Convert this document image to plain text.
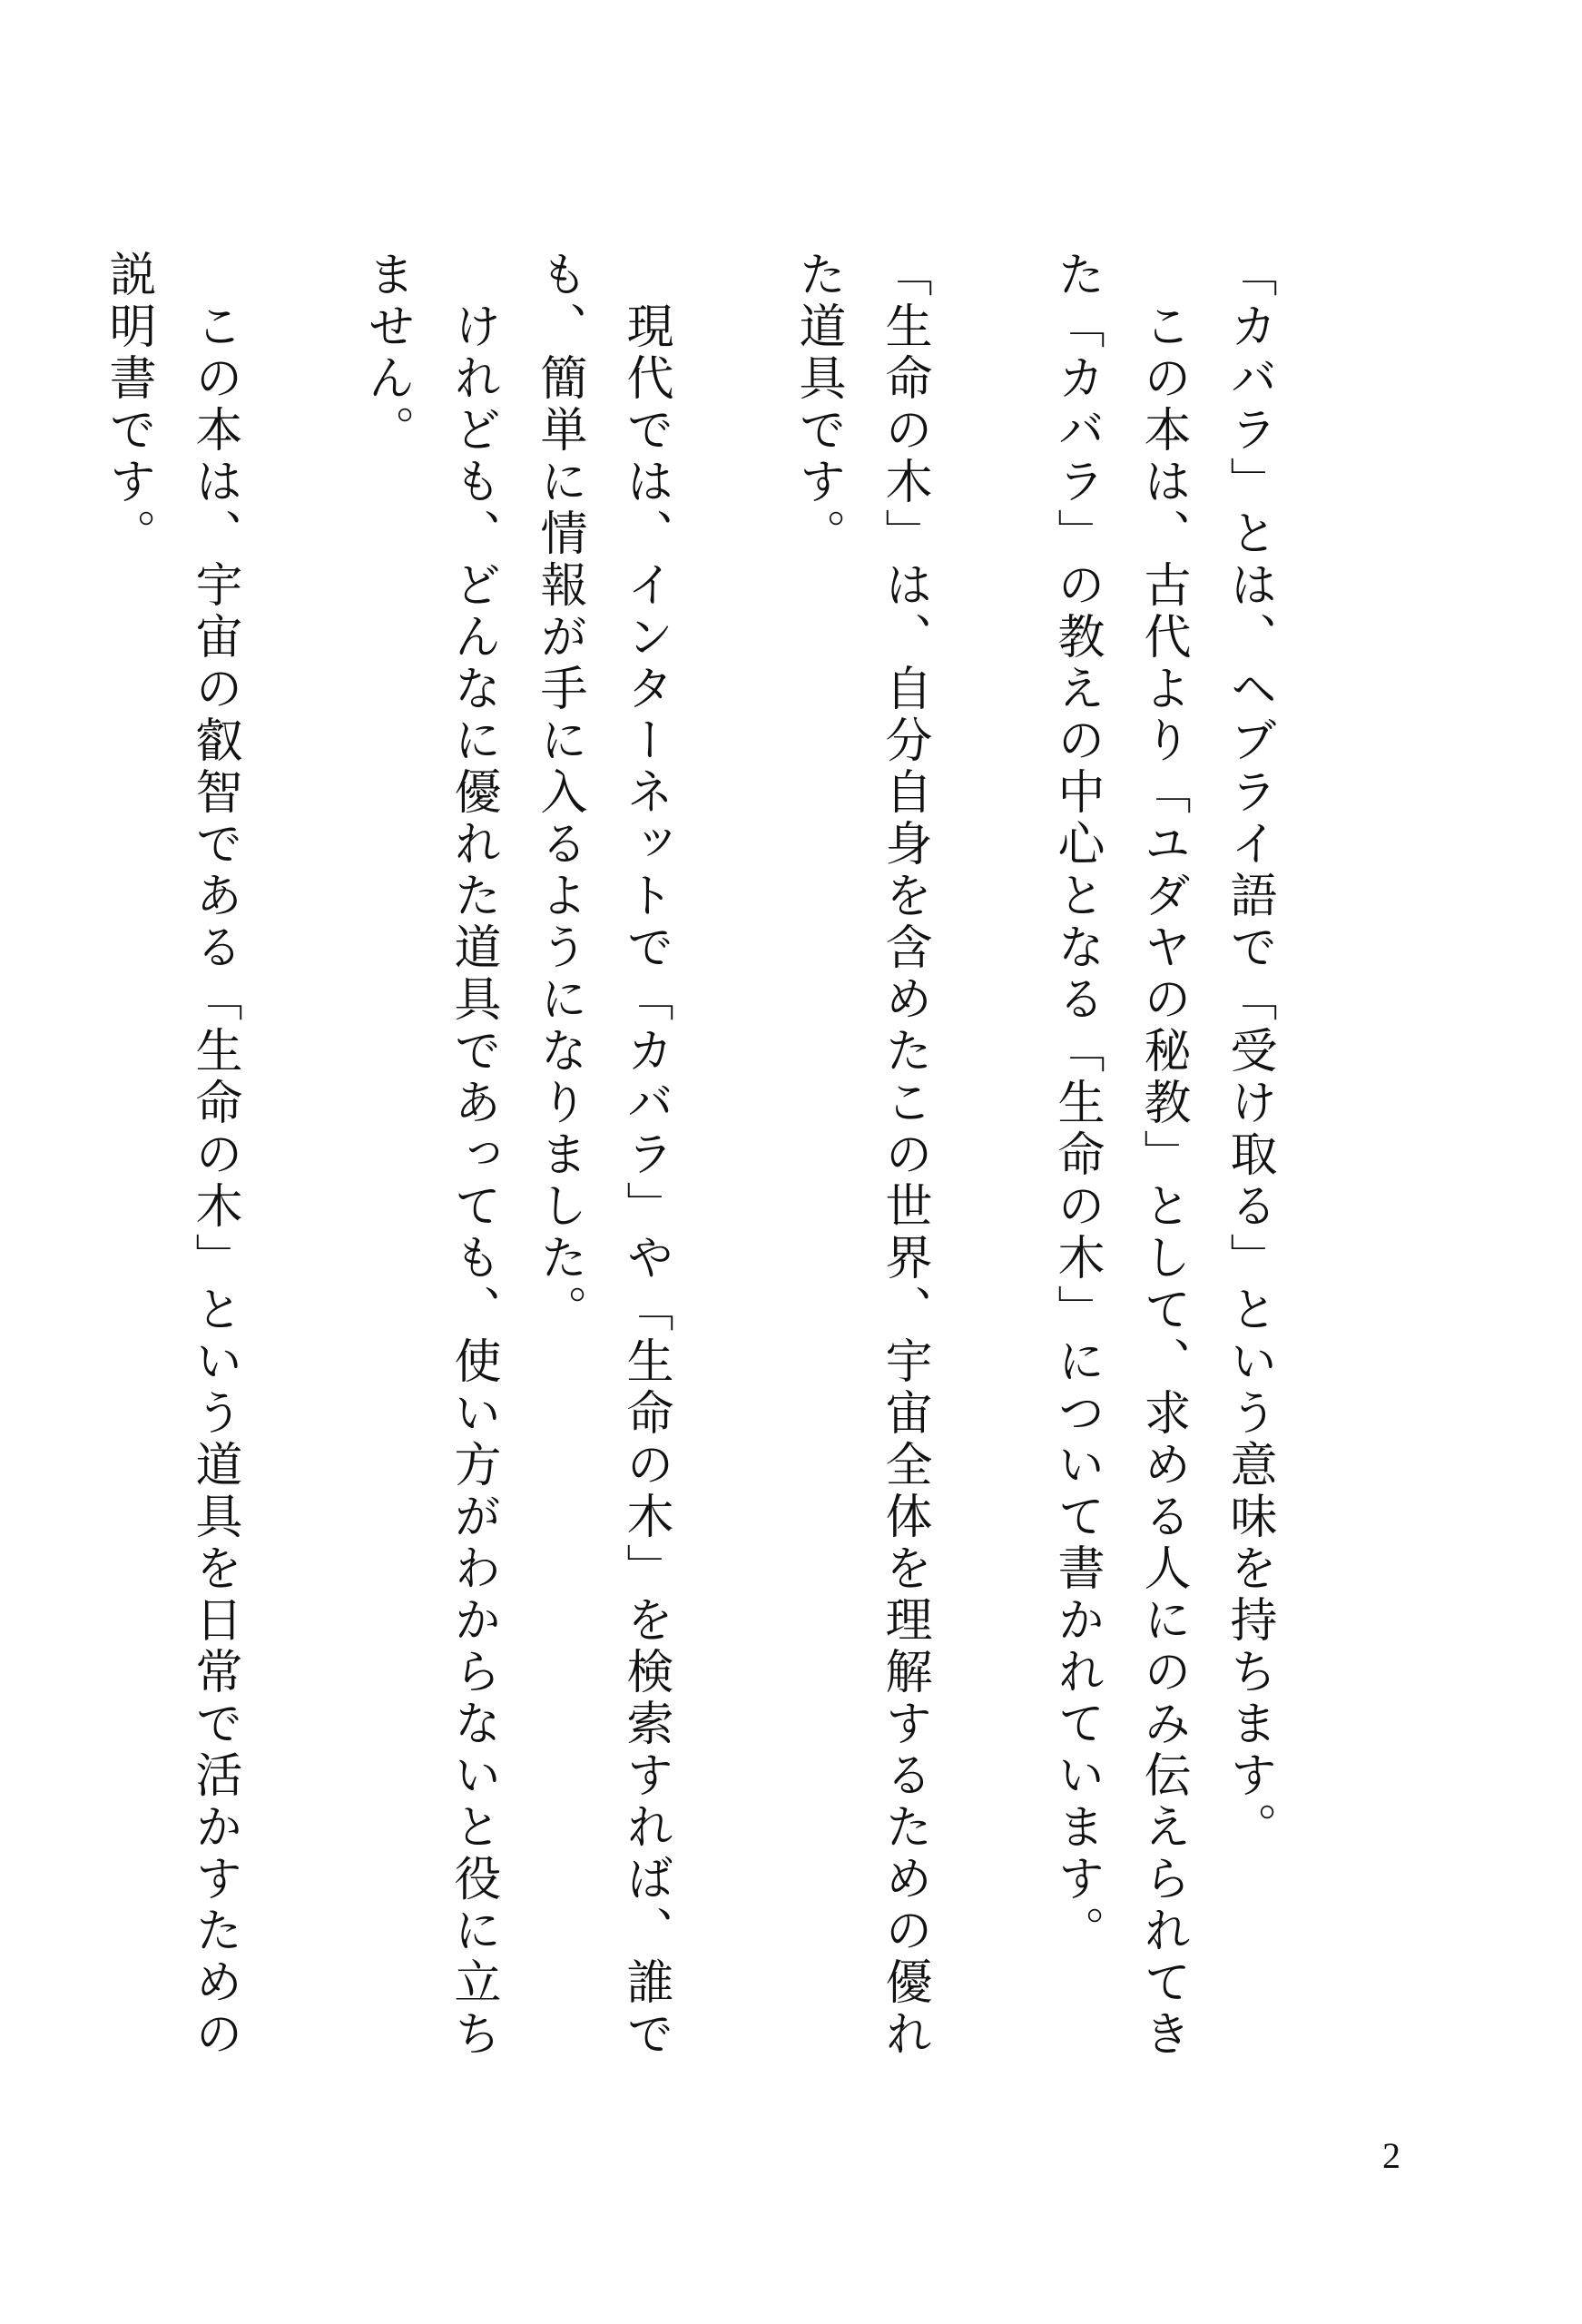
「カバラ」とは、ヘブライ語で「受け取る」という意味を持ちます。

　この本は、古代より「ユダヤの秘教」として、求める人にのみ伝えられてきた「カバラ」の教えの中心となる「生命の木」について書かれています。

「生命の木」は、自分自身を含めたこの世界、宇宙全体を理解するための優れた道具です。

　現代では、インターネットで「カバラ」や「生命の木」を検索すれば、誰でも、簡単に情報が手に入るようになりました。

　けれども、どんなに優れた道具であっても、使い方がわからないと役に立ちません。

　この本は、宇宙の叡智である「生命の木」という道具を日常で活かすための説明書です。

2
